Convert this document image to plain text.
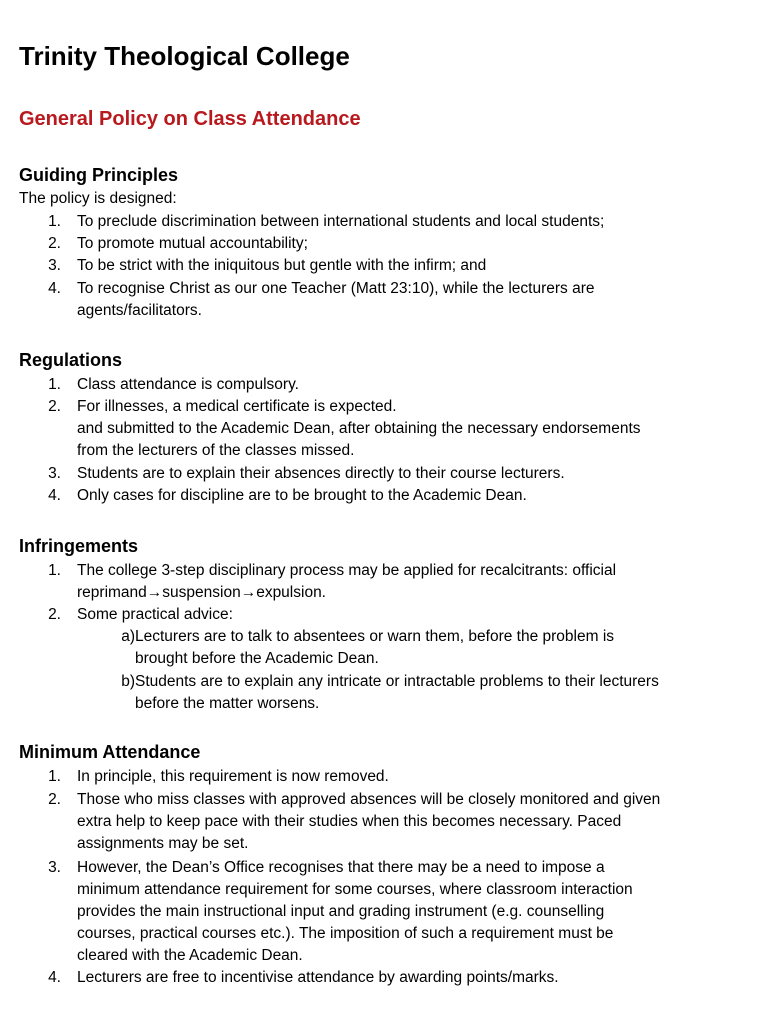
Trinity Theological College
General Policy on Class Attendance
Guiding Principles
The policy is designed:
1. To preclude discrimination between international students and local students;
2. To promote mutual accountability;
3. To be strict with the iniquitous but gentle with the infirm; and
4. To recognise Christ as our one Teacher (Matt 23:10), while the lecturers are
agents/facilitators.
Regulations
1. Class attendance is compulsory.
2. For illnesses, a medical certificate is expected.
and submitted to the Academic Dean, after obtaining the necessary endorsements
from the lecturers of the classes missed.
3. Students are to explain their absences directly to their course lecturers.
4. Only cases for discipline are to be brought to the Academic Dean.
Infringements
1. The college 3-step disciplinary process may be applied for recalcitrants: official
reprimand→suspension→expulsion.
2. Some practical advice:
a) Lecturers are to talk to absentees or warn them, before the problem is
brought before the Academic Dean.
b) Students are to explain any intricate or intractable problems to their lecturers
before the matter worsens.
Minimum Attendance
1. In principle, this requirement is now removed.
2. Those who miss classes with approved absences will be closely monitored and given
extra help to keep pace with their studies when this becomes necessary. Paced
assignments may be set.
3. However, the Dean’s Office recognises that there may be a need to impose a
minimum attendance requirement for some courses, where classroom interaction
provides the main instructional input and grading instrument (e.g. counselling
courses, practical courses etc.). The imposition of such a requirement must be
cleared with the Academic Dean.
4. Lecturers are free to incentivise attendance by awarding points/marks.
